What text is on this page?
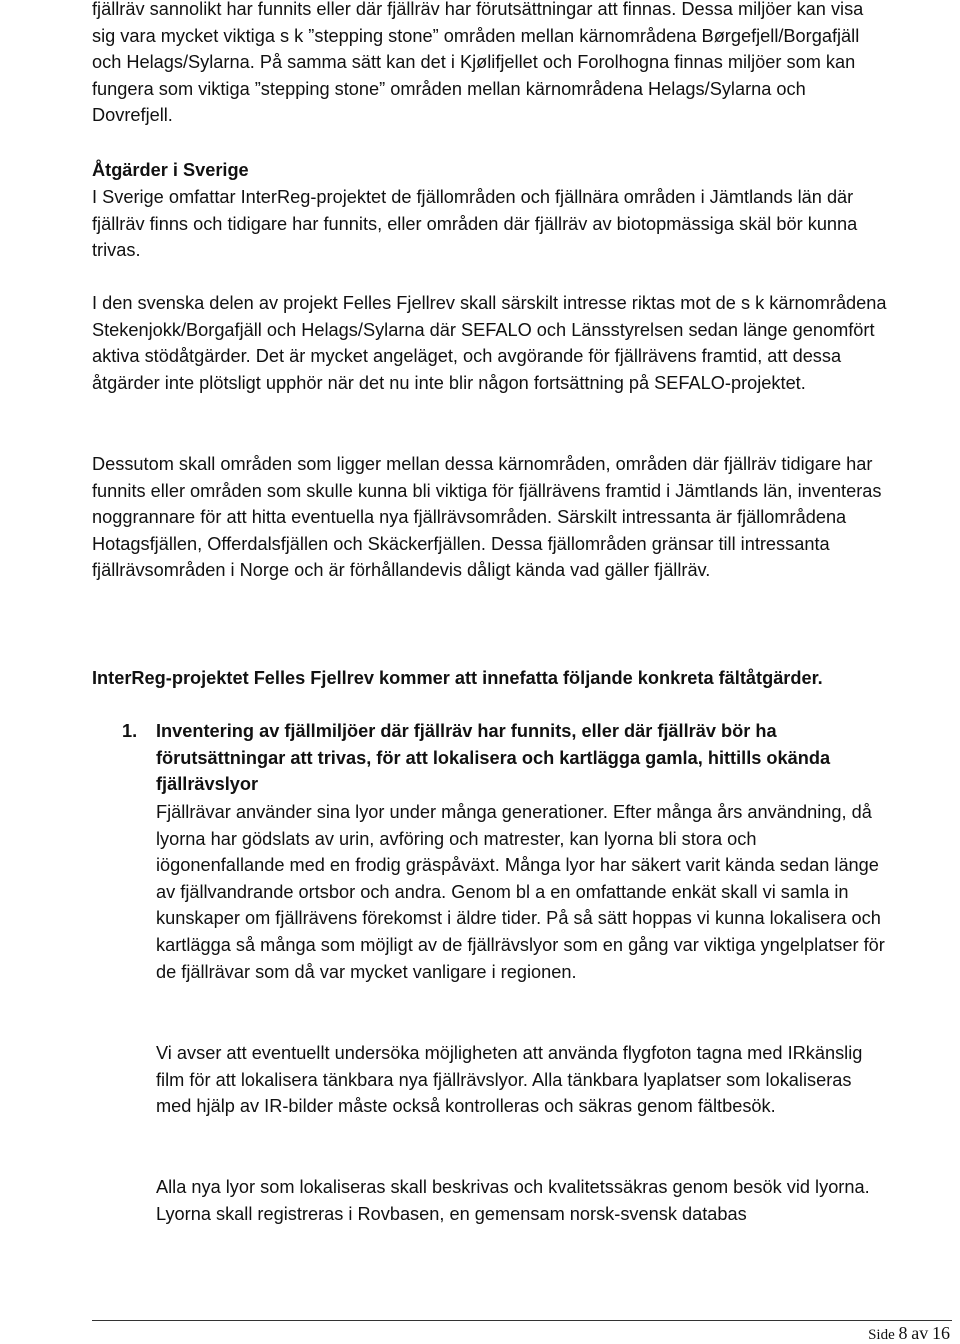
fjällräv sannolikt har funnits eller där fjällräv har förutsättningar att finnas. Dessa miljöer kan visa sig vara mycket viktiga s k ”stepping stone” områden mellan kärnområdena Børgefjell/Borgafjäll och Helags/Sylarna. På samma sätt kan det i Kjølifjellet och Forolhogna finnas miljöer som kan fungera som viktiga ”stepping stone” områden mellan kärnområdena Helags/Sylarna och Dovrefjell.

Åtgärder i Sverige

I Sverige omfattar InterReg-projektet de fjällområden och fjällnära områden i Jämtlands län där fjällräv finns och tidigare har funnits, eller områden där fjällräv av biotopmässiga skäl bör kunna trivas.

I den svenska delen av projekt Felles Fjellrev skall särskilt intresse riktas mot de s k kärnområdena Stekenjokk/Borgafjäll och Helags/Sylarna där SEFALO och Länsstyrelsen sedan länge genomfört aktiva stödåtgärder. Det är mycket angeläget, och avgörande för fjällrävens framtid, att dessa åtgärder inte plötsligt upphör när det nu inte blir någon fortsättning på SEFALO-projektet.

Dessutom skall områden som ligger mellan dessa kärnområden, områden där fjällräv tidigare har funnits eller områden som skulle kunna bli viktiga för fjällrävens framtid i Jämtlands län, inventeras noggrannare för att hitta eventuella nya fjällrävsområden. Särskilt intressanta är fjällområdena Hotagsfjällen, Offerdalsfjällen och Skäckerfjällen. Dessa fjällområden gränsar till intressanta fjällrävsområden i Norge och är förhållandevis dåligt kända vad gäller fjällräv.

InterReg-projektet Felles Fjellrev kommer att innefatta följande konkreta fältåtgärder.

1. Inventering av fjällmiljöer där fjällräv har funnits, eller där fjällräv bör ha förutsättningar att trivas, för att lokalisera och kartlägga gamla, hittills okända fjällrävslyor

Fjällrävar använder sina lyor under många generationer. Efter många års användning, då lyorna har gödslats av urin, avföring och matrester, kan lyorna bli stora och iögonenfallande med en frodig gräspåväxt. Många lyor har säkert varit kända sedan länge av fjällvandrande ortsbor och andra. Genom bl a en omfattande enkät skall vi samla in kunskaper om fjällrävens förekomst i äldre tider. På så sätt hoppas vi kunna lokalisera och kartlägga så många som möjligt av de fjällrävslyor som en gång var viktiga yngelplatser för de fjällrävar som då var mycket vanligare i regionen.

Vi avser att eventuellt undersöka möjligheten att använda flygfoton tagna med IRkänslig film för att lokalisera tänkbara nya fjällrävslyor. Alla tänkbara lyaplatser som lokaliseras med hjälp av IR-bilder måste också kontrolleras och säkras genom fältbesök.

Alla nya lyor som lokaliseras skall beskrivas och kvalitetssäkras genom besök vid lyorna. Lyorna skall registreras i Rovbasen, en gemensam norsk-svensk databas

Side 8 av 16
